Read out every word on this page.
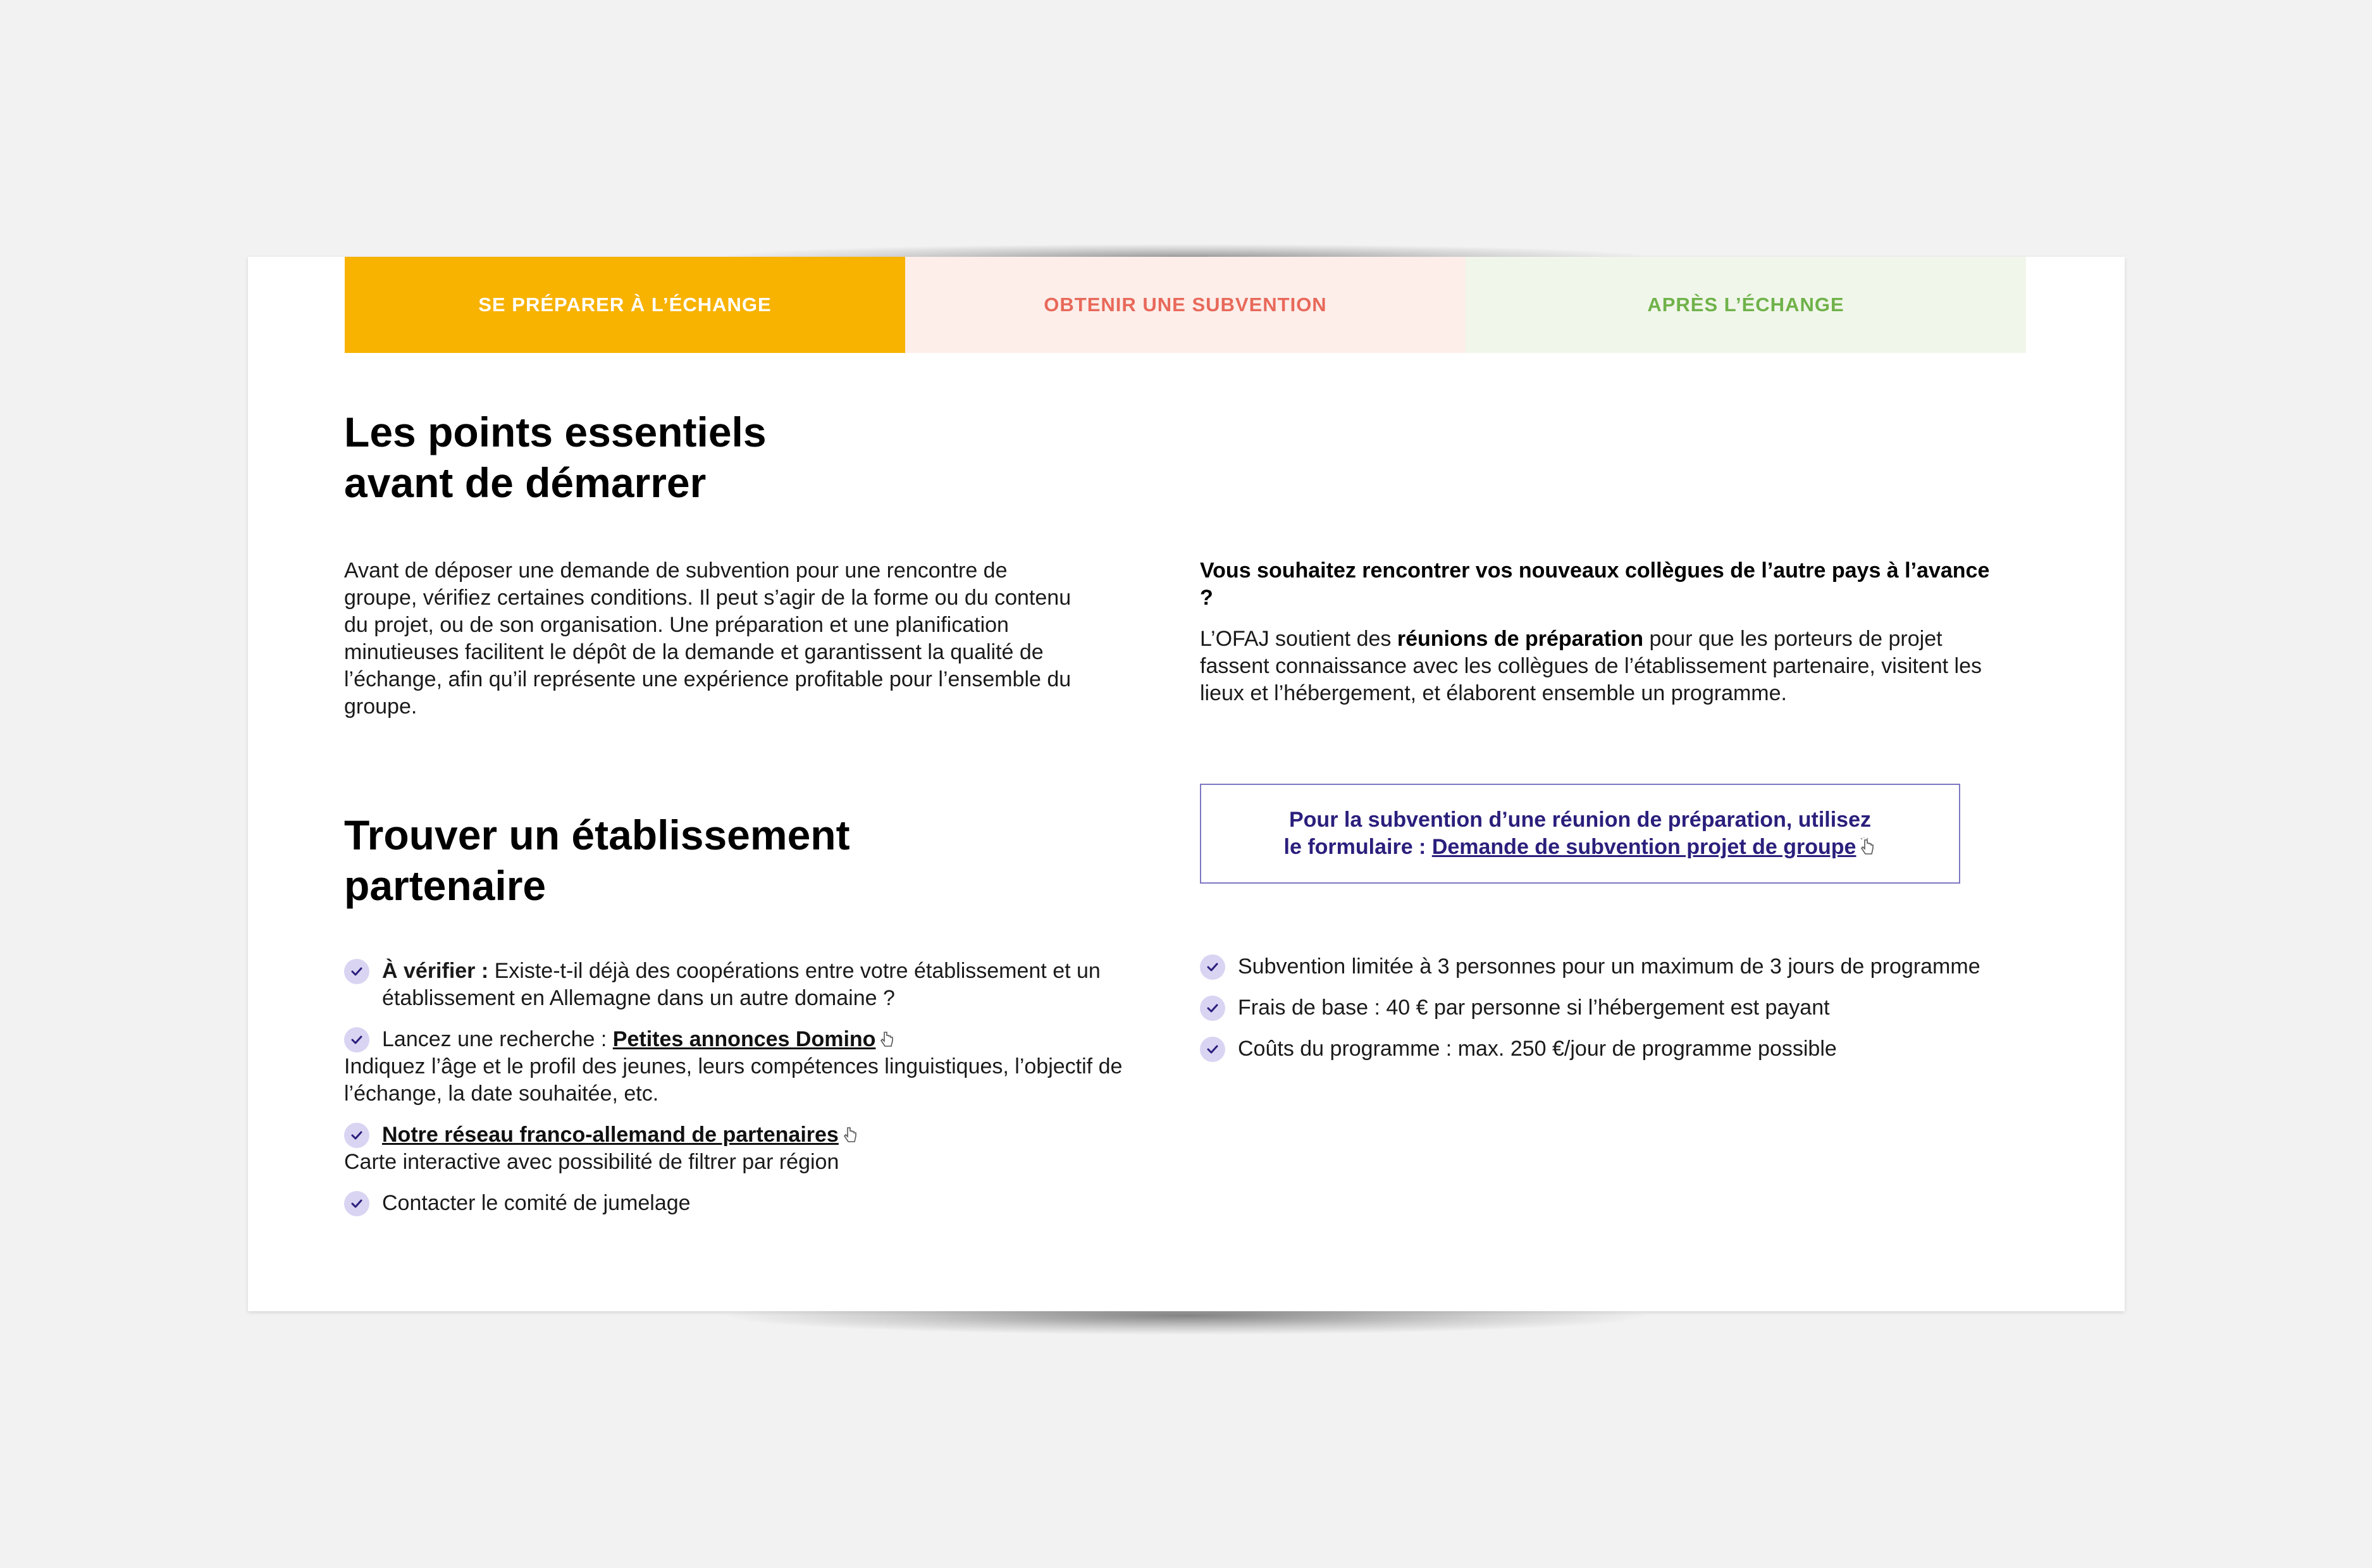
SE PRÉPARER À L’ÉCHANGE	OBTENIR UNE SUBVENTION	APRÈS L’ÉCHANGE
Les points essentiels
avant de démarrer

Avant de déposer une demande de subvention pour une rencontre de groupe, vérifiez certaines conditions. Il peut s’agir de la forme ou du contenu du projet, ou de son organisation. Une préparation et une planification minutieuses facilitent le dépôt de la demande et garantissent la qualité de l’échange, afin qu’il représente une expérience profitable pour l’ensemble du groupe.

Vous souhaitez rencontrer vos nouveaux collègues de l’autre pays à l’avance ?

L’OFAJ soutient des réunions de préparation pour que les porteurs de projet fassent connaissance avec les collègues de l’établissement partenaire, visitent les lieux et l’hébergement, et élaborent ensemble un programme.

Pour la subvention d’une réunion de préparation, utilisez
le formulaire : Demande de subvention projet de groupe
Trouver un établissement
partenaire
À vérifier : Existe-t-il déjà des coopérations entre votre établissement et un établissement en Allemagne dans un autre domaine ?
Lancez une recherche : Petites annonces Domino
Indiquez l’âge et le profil des jeunes, leurs compétences linguistiques, l’objectif de l’échange, la date souhaitée, etc.
Notre réseau franco-allemand de partenaires
Carte interactive avec possibilité de filtrer par région
Contacter le comité de jumelage
Subvention limitée à 3 personnes pour un maximum de 3 jours de programme
Frais de base : 40 € par personne si l’hébergement est payant
Coûts du programme : max. 250 €/jour de programme possible
